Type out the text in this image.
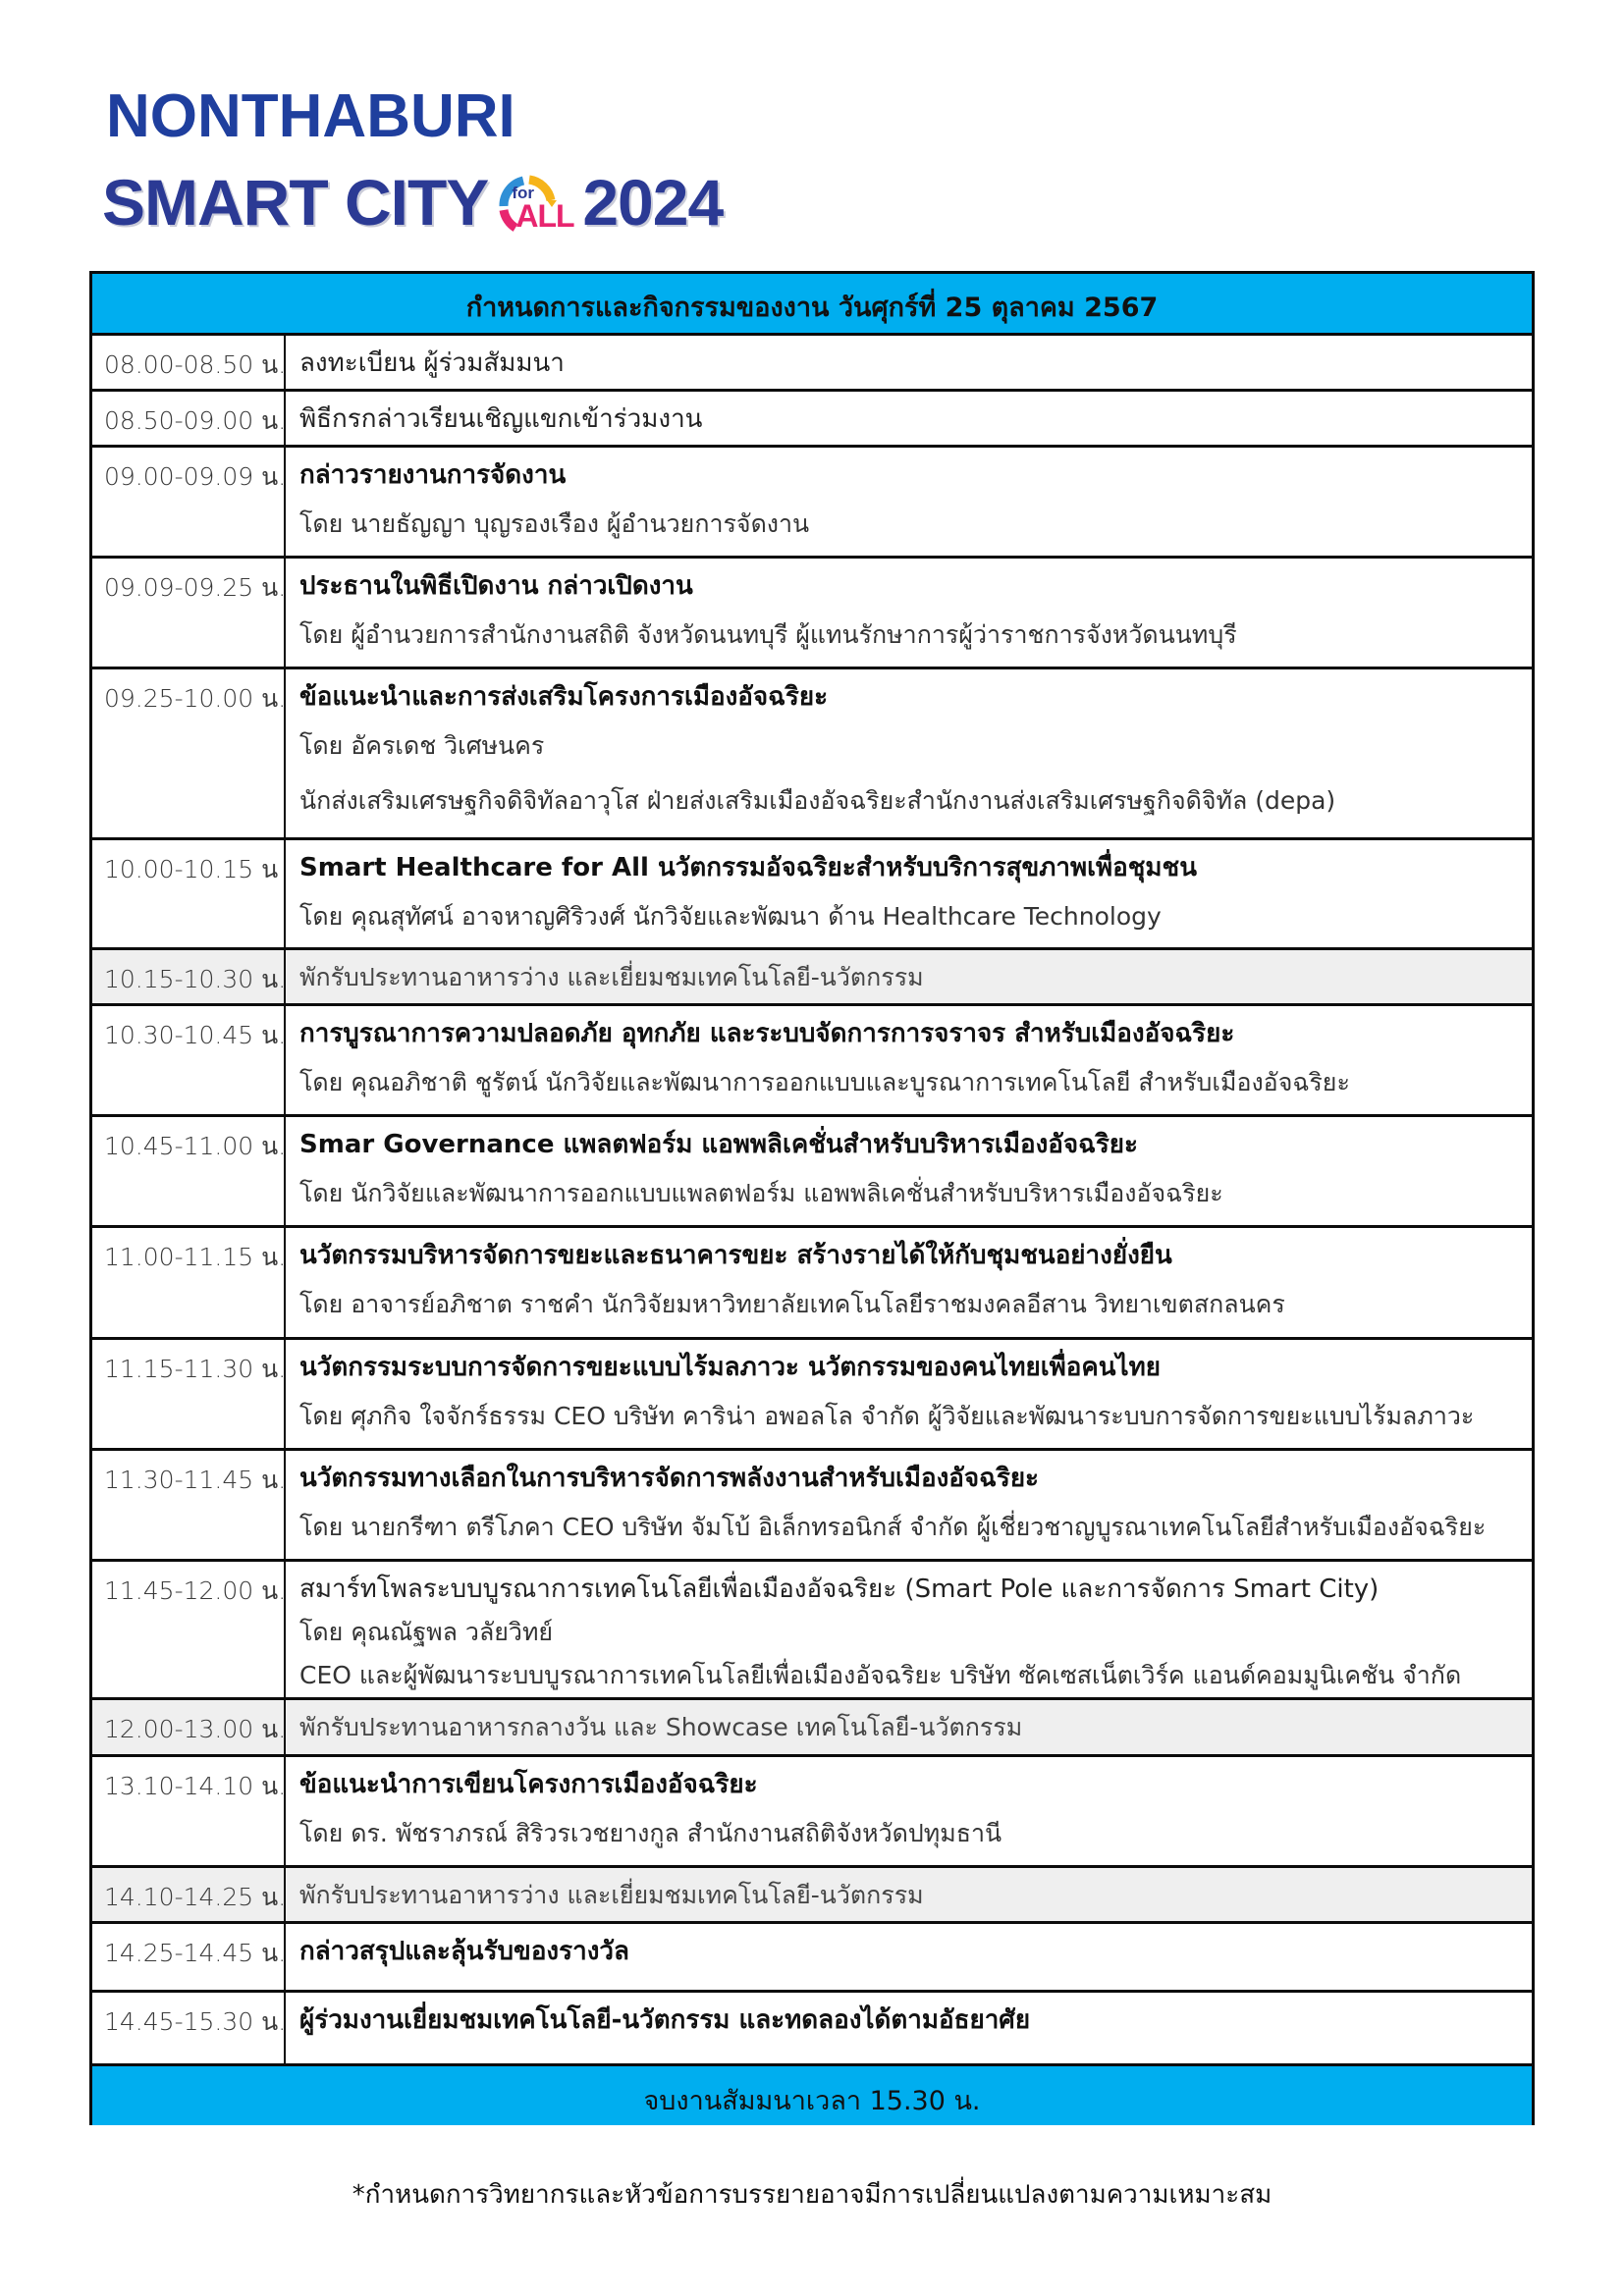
NONTHABURI
SMART CITY for
ALL 2024
กำหนดการและกิจกรรมของงาน วันศุกร์ที่ 25 ตุลาคม 2567
08.00-08.50 น. ลงทะเบียน ผู้ร่วมสัมมนา
08.50-09.00 น. พิธีกรกล่าวเรียนเชิญแขกเข้าร่วมงาน
09.00-09.09 น. กล่าวรายงานการจัดงาน
โดย นายธัญญา บุญรองเรือง ผู้อำนวยการจัดงาน
09.09-09.25 น. ประธานในพิธีเปิดงาน กล่าวเปิดงาน
โดย ผู้อำนวยการสำนักงานสถิติ จังหวัดนนทบุรี ผู้แทนรักษาการผู้ว่าราชการจังหวัดนนทบุรี
09.25-10.00 น. ข้อแนะนำและการส่งเสริมโครงการเมืองอัจฉริยะ
โดย อัครเดช วิเศษนคร
นักส่งเสริมเศรษฐกิจดิจิทัลอาวุโส ฝ่ายส่งเสริมเมืองอัจฉริยะสำนักงานส่งเสริมเศรษฐกิจดิจิทัล (depa)
10.00-10.15 น Smart Healthcare for All นวัตกรรมอัจฉริยะสำหรับบริการสุขภาพเพื่อชุมชน
โดย คุณสุทัศน์ อาจหาญศิริวงศ์ นักวิจัยและพัฒนา ด้าน Healthcare Technology
10.15-10.30 น. พักรับประทานอาหารว่าง และเยี่ยมชมเทคโนโลยี-นวัตกรรม
10.30-10.45 น. การบูรณาการความปลอดภัย อุทกภัย และระบบจัดการการจราจร สำหรับเมืองอัจฉริยะ
โดย คุณอภิชาติ ชูรัตน์ นักวิจัยและพัฒนาการออกแบบและบูรณาการเทคโนโลยี สำหรับเมืองอัจฉริยะ
10.45-11.00 น. Smar Governance แพลตฟอร์ม แอพพลิเคชั่นสำหรับบริหารเมืองอัจฉริยะ
โดย นักวิจัยและพัฒนาการออกแบบแพลตฟอร์ม แอพพลิเคชั่นสำหรับบริหารเมืองอัจฉริยะ
11.00-11.15 น. นวัตกรรมบริหารจัดการขยะและธนาคารขยะ สร้างรายได้ให้กับชุมชนอย่างยั่งยืน
โดย อาจารย์อภิชาต ราชคำ นักวิจัยมหาวิทยาลัยเทคโนโลยีราชมงคลอีสาน วิทยาเขตสกลนคร
11.15-11.30 น. นวัตกรรมระบบการจัดการขยะแบบไร้มลภาวะ นวัตกรรมของคนไทยเพื่อคนไทย
โดย ศุภกิจ ใจจักร์ธรรม CEO บริษัท คาริน่า อพอลโล จำกัด ผู้วิจัยและพัฒนาระบบการจัดการขยะแบบไร้มลภาวะ
11.30-11.45 น. นวัตกรรมทางเลือกในการบริหารจัดการพลังงานสำหรับเมืองอัจฉริยะ
โดย นายกรีฑา ตรีโภคา CEO บริษัท จัมโบ้ อิเล็กทรอนิกส์ จำกัด ผู้เชี่ยวชาญบูรณาเทคโนโลยีสำหรับเมืองอัจฉริยะ
11.45-12.00 น. สมาร์ทโพลระบบบูรณาการเทคโนโลยีเพื่อเมืองอัจฉริยะ (Smart Pole และการจัดการ Smart City)
โดย คุณณัฐพล วลัยวิทย์
CEO และผู้พัฒนาระบบบูรณาการเทคโนโลยีเพื่อเมืองอัจฉริยะ บริษัท ซัคเซสเน็ตเวิร์ค แอนด์คอมมูนิเคชัน จำกัด
12.00-13.00 น. พักรับประทานอาหารกลางวัน และ Showcase เทคโนโลยี-นวัตกรรม
13.10-14.10 น. ข้อแนะนำการเขียนโครงการเมืองอัจฉริยะ
โดย ดร. พัชราภรณ์ สิริวรเวชยางกูล สำนักงานสถิติจังหวัดปทุมธานี
14.10-14.25 น. พักรับประทานอาหารว่าง และเยี่ยมชมเทคโนโลยี-นวัตกรรม
14.25-14.45 น. กล่าวสรุปและลุ้นรับของรางวัล
14.45-15.30 น. ผู้ร่วมงานเยี่ยมชมเทคโนโลยี-นวัตกรรม และทดลองได้ตามอัธยาศัย
จบงานสัมมนาเวลา 15.30 น.
*กำหนดการวิทยากรและหัวข้อการบรรยายอาจมีการเปลี่ยนแปลงตามความเหมาะสม
